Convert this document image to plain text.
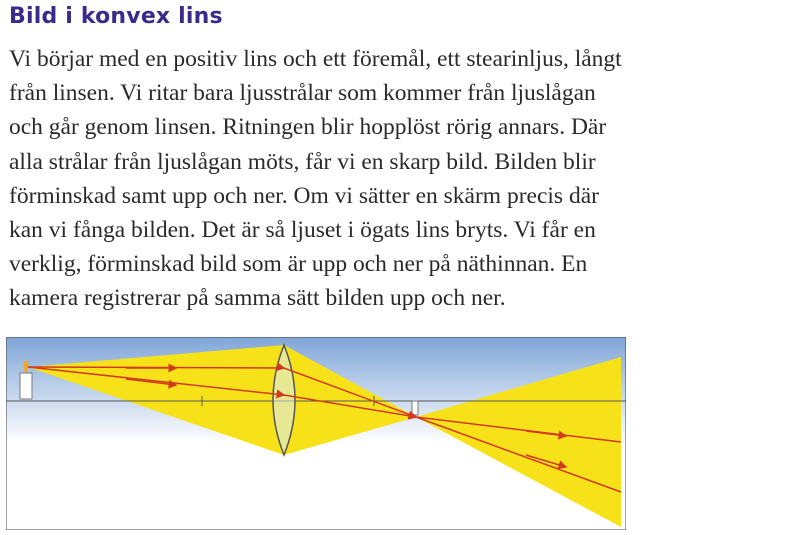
Bild i konvex lins
Vi börjar med en positiv lins och ett föremål, ett stearinljus, långt
från linsen. Vi ritar bara ljusstrålar som kommer från ljuslågan
och går genom linsen. Ritningen blir hopplöst rörig annars. Där
alla strålar från ljuslågan möts, får vi en skarp bild. Bilden blir
förminskad samt upp och ner. Om vi sätter en skärm precis där
kan vi fånga bilden. Det är så ljuset i ögats lins bryts. Vi får en
verklig, förminskad bild som är upp och ner på näthinnan. En
kamera registrerar på samma sätt bilden upp och ner.
